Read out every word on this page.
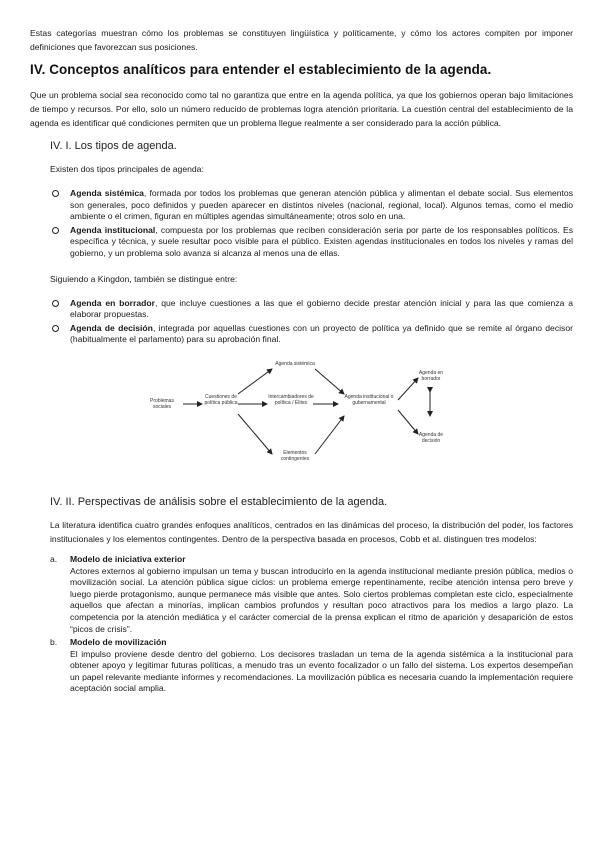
Estas categorías muestran cómo los problemas se constituyen lingüística y políticamente, y cómo los actores compiten por imponer definiciones que favorezcan sus posiciones.

IV. Conceptos analíticos para entender el establecimiento de la agenda.

Que un problema social sea reconocido como tal no garantiza que entre en la agenda política, ya que los gobiernos operan bajo limitaciones de tiempo y recursos. Por ello, solo un número reducido de problemas logra atención prioritaria. La cuestión central del establecimiento de la agenda es identificar qué condiciones permiten que un problema llegue realmente a ser considerado para la acción pública.

IV. I. Los tipos de agenda.

Existen dos tipos principales de agenda:

Agenda sistémica, formada por todos los problemas que generan atención pública y alimentan el debate social. Sus elementos son generales, poco definidos y pueden aparecer en distintos niveles (nacional, regional, local). Algunos temas, como el medio ambiente o el crimen, figuran en múltiples agendas simultáneamente; otros solo en una.
Agenda institucional, compuesta por los problemas que reciben consideración seria por parte de los responsables políticos. Es específica y técnica, y suele resultar poco visible para el público. Existen agendas institucionales en todos los niveles y ramas del gobierno, y un problema solo avanza si alcanza al menos una de ellas.

Siguiendo a Kingdon, también se distingue entre:

Agenda en borrador, que incluye cuestiones a las que el gobierno decide prestar atención inicial y para las que comienza a elaborar propuestas.
Agenda de decisión, integrada por aquellas cuestiones con un proyecto de política ya definido que se remite al órgano decisor (habitualmente el parlamento) para su aprobación final.
Problemas sociales
Cuestiones de política pública
Agenda sistémica
Intercambiadores de política / Élites
Elementos contingentes
Agenda institucional o gubernamental
Agenda en borrador
Agenda de decisión
IV. II. Perspectivas de análisis sobre el establecimiento de la agenda.

La literatura identifica cuatro grandes enfoques analíticos, centrados en las dinámicas del proceso, la distribución del poder, los factores institucionales y los elementos contingentes. Dentro de la perspectiva basada en procesos, Cobb et al. distinguen tres modelos:

a. Modelo de iniciativa exterior
Actores externos al gobierno impulsan un tema y buscan introducirlo en la agenda institucional mediante presión pública, medios o movilización social. La atención pública sigue ciclos: un problema emerge repentinamente, recibe atención intensa pero breve y luego pierde protagonismo, aunque permanece más visible que antes. Solo ciertos problemas completan este ciclo, especialmente aquellos que afectan a minorías, implican cambios profundos y resultan poco atractivos para los medios a largo plazo. La competencia por la atención mediática y el carácter comercial de la prensa explican el ritmo de aparición y desaparición de estos “picos de crisis”.
b. Modelo de movilización
El impulso proviene desde dentro del gobierno. Los decisores trasladan un tema de la agenda sistémica a la institucional para obtener apoyo y legitimar futuras políticas, a menudo tras un evento focalizador o un fallo del sistema. Los expertos desempeñan un papel relevante mediante informes y recomendaciones. La movilización pública es necesaria cuando la implementación requiere aceptación social amplia.
